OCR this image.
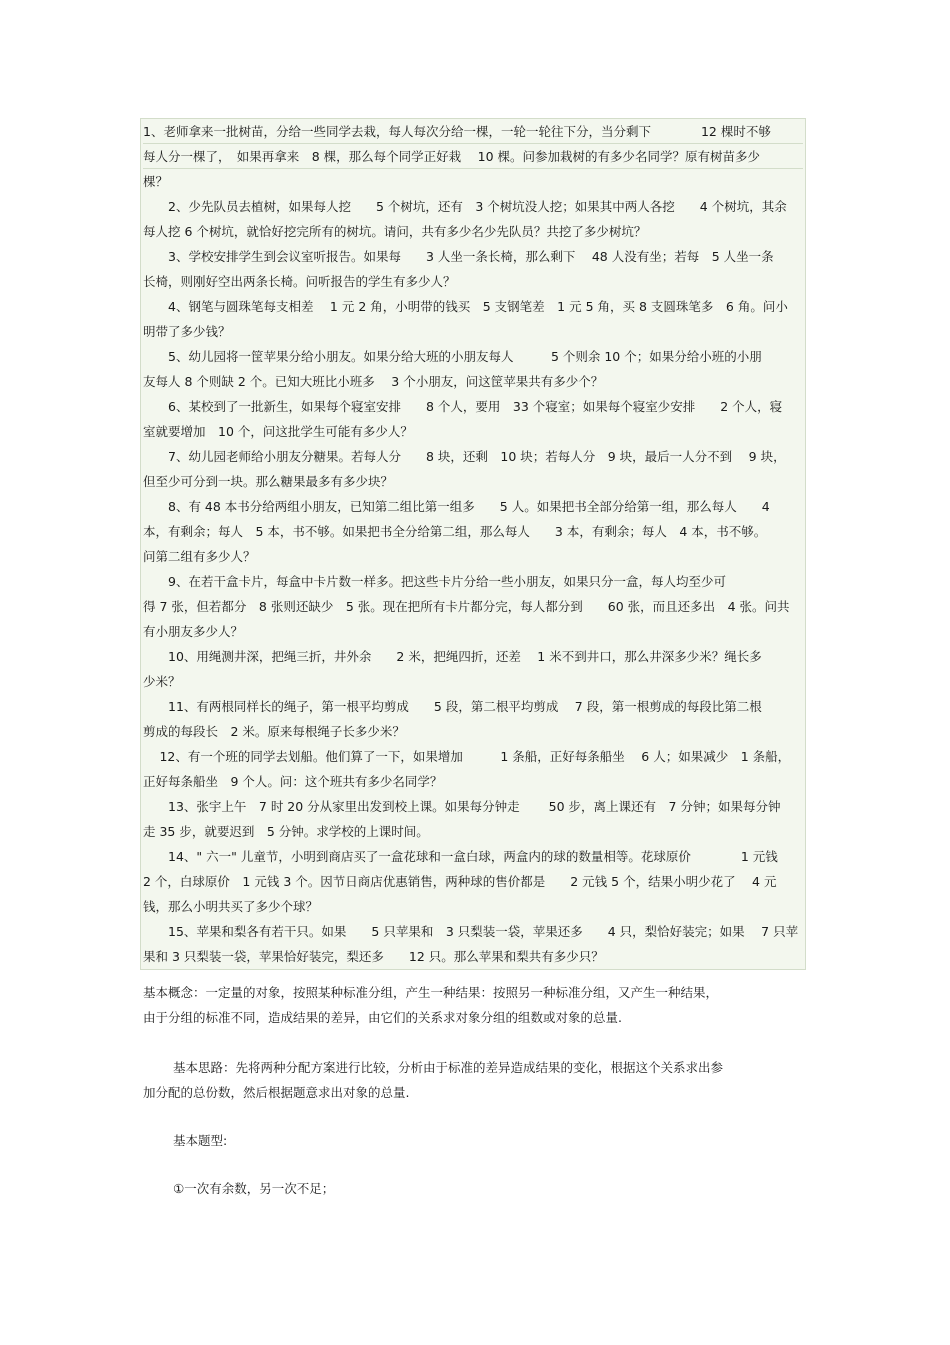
1、老师拿来一批树苗，分给一些同学去栽，每人每次分给一棵，一轮一轮往下分，当分剩下　　　　12 棵时不够
每人分一棵了，　如果再拿来　8 棵，那么每个同学正好栽　 10 棵。问参加栽树的有多少名同学？原有树苗多少
棵？
　　2、少先队员去植树，如果每人挖　　5 个树坑，还有　3 个树坑没人挖；如果其中两人各挖　　4 个树坑，其余
每人挖 6 个树坑，就恰好挖完所有的树坑。请问，共有多少名少先队员？共挖了多少树坑？
　　3、学校安排学生到会议室听报告。如果每　　3 人坐一条长椅，那么剩下　 48 人没有坐；若每　5 人坐一条
长椅，则刚好空出两条长椅。问听报告的学生有多少人？
　　4、钢笔与圆珠笔每支相差　 1 元 2 角，小明带的钱买　5 支钢笔差　1 元 5 角，买 8 支圆珠笔多　6 角。问小
明带了多少钱？
　　5、幼儿园将一筐苹果分给小朋友。如果分给大班的小朋友每人　　　5 个则余 10 个；如果分给小班的小朋
友每人 8 个则缺 2 个。已知大班比小班多　 3 个小朋友，问这筐苹果共有多少个？
　　6、某校到了一批新生，如果每个寝室安排　　8 个人，要用　33 个寝室；如果每个寝室少安排　　2 个人，寝
室就要增加　10 个，问这批学生可能有多少人？
　　7、幼儿园老师给小朋友分糖果。若每人分　　8 块，还剩　10 块；若每人分　9 块，最后一人分不到　 9 块，
但至少可分到一块。那么糖果最多有多少块？
　　8、有 48 本书分给两组小朋友，已知第二组比第一组多　　5 人。如果把书全部分给第一组，那么每人　　4
本，有剩余；每人　5 本，书不够。如果把书全分给第二组，那么每人　　3 本，有剩余；每人　4 本，书不够。
问第二组有多少人？
　　9、在若干盒卡片，每盒中卡片数一样多。把这些卡片分给一些小朋友，如果只分一盒，每人均至少可
得 7 张，但若都分　8 张则还缺少　5 张。现在把所有卡片都分完，每人都分到　　60 张，而且还多出　4 张。问共
有小朋友多少人？
　　10、用绳测井深，把绳三折，井外余　　2 米，把绳四折，还差　 1 米不到井口，那么井深多少米？绳长多
少米？
　　11、有两根同样长的绳子，第一根平均剪成　　5 段，第二根平均剪成　 7 段，第一根剪成的每段比第二根
剪成的每段长　2 米。原来每根绳子长多少米？
　 12、有一个班的同学去划船。他们算了一下，如果增加　　　1 条船，正好每条船坐　 6 人；如果减少　1 条船，
正好每条船坐　9 个人。问：这个班共有多少名同学？
　　13、张宇上午　7 时 20 分从家里出发到校上课。如果每分钟走　　 50 步，离上课还有　7 分钟；如果每分钟
走 35 步，就要迟到　5 分钟。求学校的上课时间。
　　14、" 六一" 儿童节，小明到商店买了一盒花球和一盒白球，两盒内的球的数量相等。花球原价　　　　1 元钱
2 个，白球原价　1 元钱 3 个。因节日商店优惠销售，两种球的售价都是　　2 元钱 5 个，结果小明少花了　 4 元
钱，那么小明共买了多少个球？
　　15、苹果和梨各有若干只。如果　　5 只苹果和　3 只梨装一袋，苹果还多　　4 只，梨恰好装完；如果　 7 只苹
果和 3 只梨装一袋，苹果恰好装完，梨还多　　12 只。那么苹果和梨共有多少只？
基本概念：一定量的对象，按照某种标准分组，产生一种结果：按照另一种标准分组，又产生一种结果，
由于分组的标准不同，造成结果的差异，由它们的关系求对象分组的组数或对象的总量.
基本思路：先将两种分配方案进行比较，分析由于标准的差异造成结果的变化，根据这个关系求出参
加分配的总份数，然后根据题意求出对象的总量.
基本题型:
①一次有余数，另一次不足；
